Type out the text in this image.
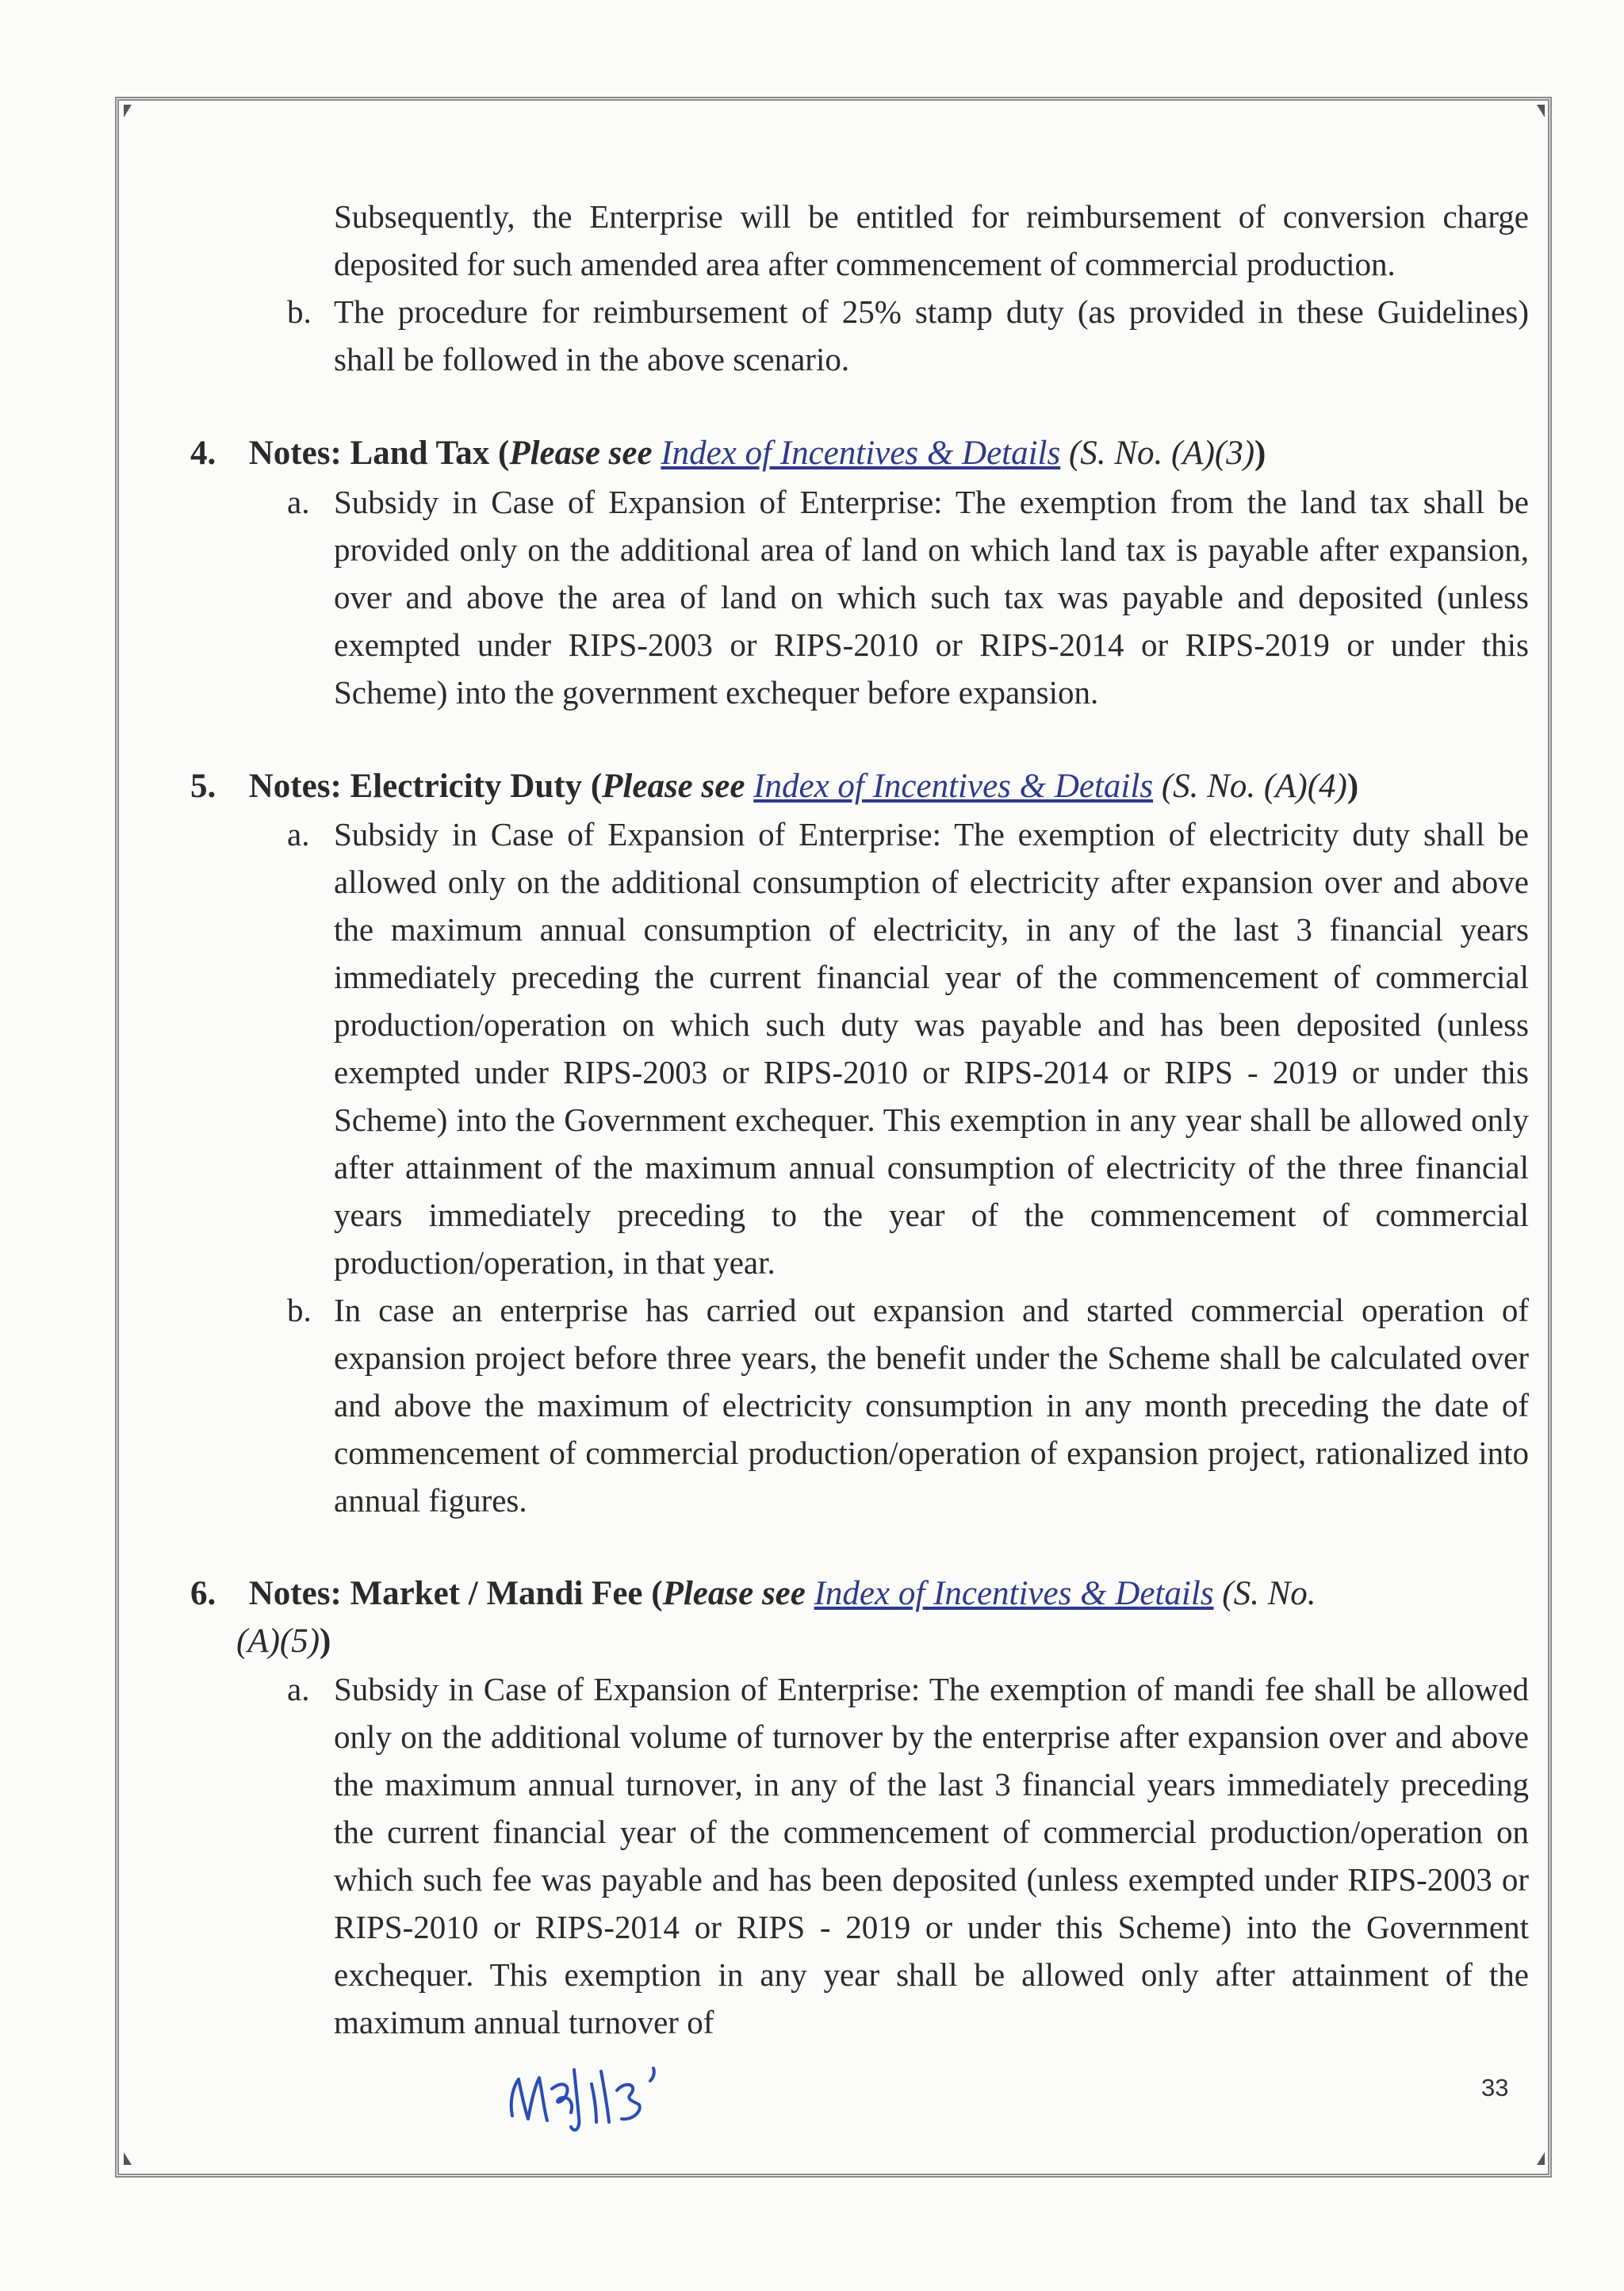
Subsequently, the Enterprise will be entitled for reimbursement of conversion charge deposited for such amended area after commencement of commercial production.

b. The procedure for reimbursement of 25% stamp duty (as provided in these Guidelines) shall be followed in the above scenario.

4. Notes: Land Tax (Please see Index of Incentives & Details (S. No. (A)(3))
a. Subsidy in Case of Expansion of Enterprise: The exemption from the land tax shall be provided only on the additional area of land on which land tax is payable after expansion, over and above the area of land on which such tax was payable and deposited (unless exempted under RIPS-2003 or RIPS-2010 or RIPS-2014 or RIPS-2019 or under this Scheme) into the government exchequer before expansion.

5. Notes: Electricity Duty (Please see Index of Incentives & Details (S. No. (A)(4))
a. Subsidy in Case of Expansion of Enterprise: The exemption of electricity duty shall be allowed only on the additional consumption of electricity after expansion over and above the maximum annual consumption of electricity, in any of the last 3 financial years immediately preceding the current financial year of the commencement of commercial production/operation on which such duty was payable and has been deposited (unless exempted under RIPS-2003 or RIPS-2010 or RIPS-2014 or RIPS - 2019 or under this Scheme) into the Government exchequer. This exemption in any year shall be allowed only after attainment of the maximum annual consumption of electricity of the three financial years immediately preceding to the year of the commencement of commercial production/operation, in that year.

b. In case an enterprise has carried out expansion and started commercial operation of expansion project before three years, the benefit under the Scheme shall be calculated over and above the maximum of electricity consumption in any month preceding the date of commencement of commercial production/operation of expansion project, rationalized into annual figures.

6. Notes: Market / Mandi Fee (Please see Index of Incentives & Details (S. No.
(A)(5))
a. Subsidy in Case of Expansion of Enterprise: The exemption of mandi fee shall be allowed only on the additional volume of turnover by the enterprise after expansion over and above the maximum annual turnover, in any of the last 3 financial years immediately preceding the current financial year of the commencement of commercial production/operation on which such fee was payable and has been deposited (unless exempted under RIPS-2003 or RIPS-2010 or RIPS-2014 or RIPS - 2019 or under this Scheme) into the Government exchequer. This exemption in any year shall be allowed only after attainment of the maximum annual turnover of

33
